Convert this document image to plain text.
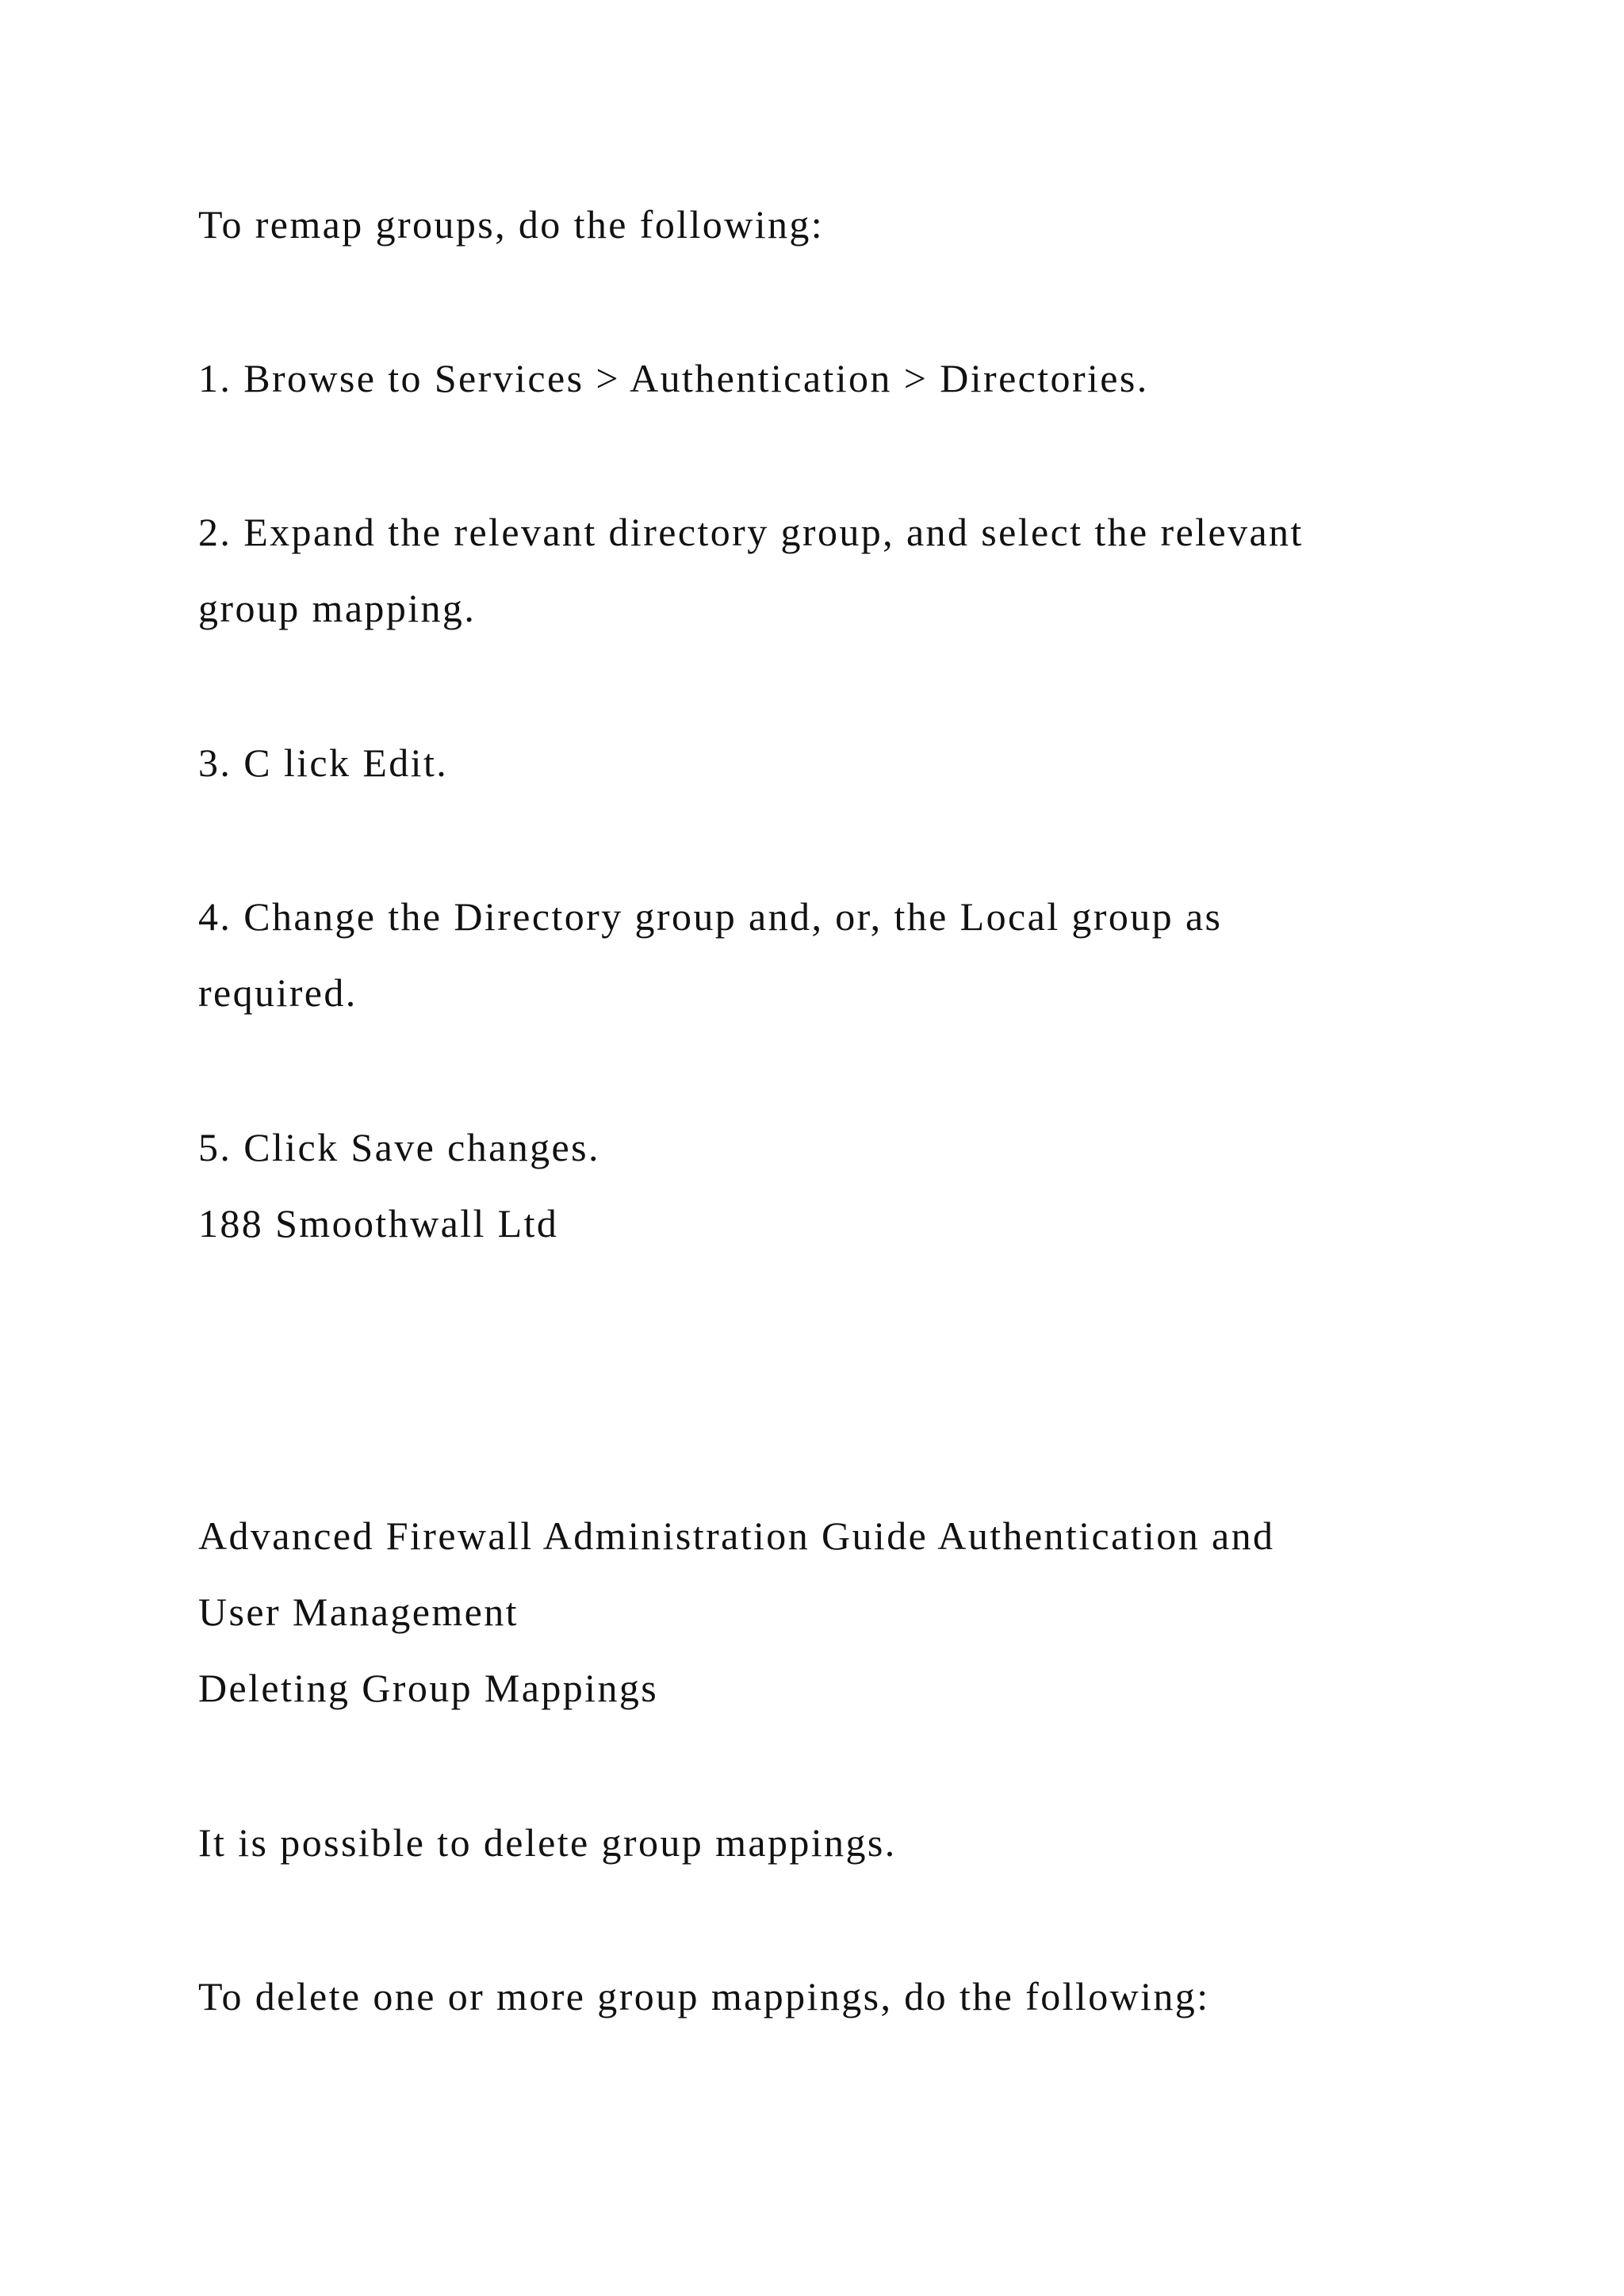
To remap groups, do the following:

1. Browse to Services > Authentication > Directories.

2. Expand the relevant directory group, and select the relevant

group mapping.

3. C lick Edit.

4. Change the Directory group and, or, the Local group as

required.

5. Click Save changes.

188 Smoothwall Ltd

Advanced Firewall Administration Guide Authentication and

User Management

Deleting Group Mappings

It is possible to delete group mappings.

To delete one or more group mappings, do the following:
